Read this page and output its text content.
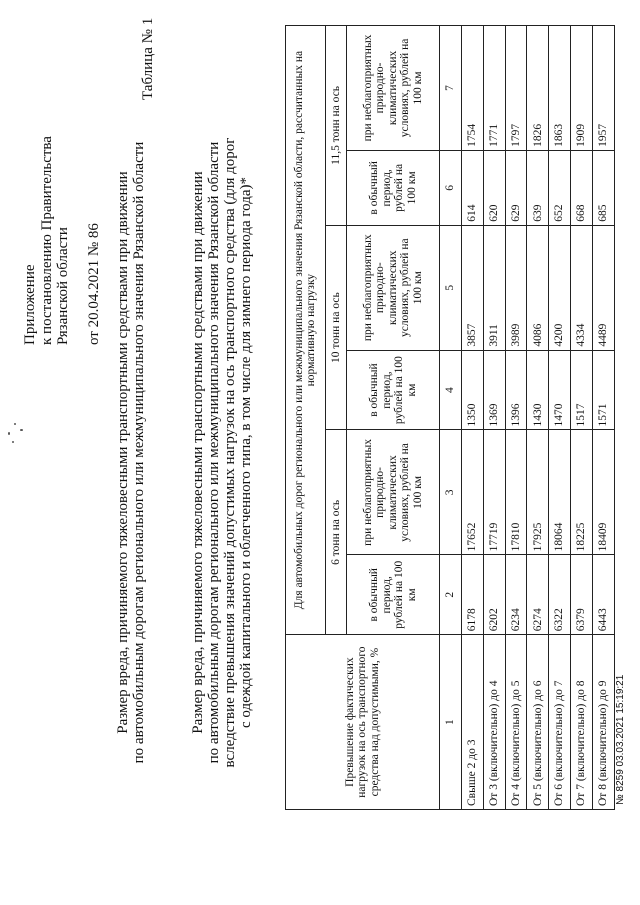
Приложение к постановлению Правительства Рязанской области от 20.04.2021 № 86
Таблица № 1
Размер вреда, причиняемого тяжеловесными транспортными средствами при движении по автомобильным дорогам регионального или межмуниципального значения Рязанской области	Размер вреда, причиняемого тяжеловесными транспортными средствами при движении по автомобильным дорогам регионального или межмуниципального значения Рязанской области вследствие превышения значений допустимых нагрузок на ось транспортного средства (для дорог с одеждой капитального и облегченного типа, в том числе для зимнего периода года)*	Превышение фактических нагрузок на ось транспортного средства над допустимыми, %	Для автомобильных дорог регионального или межмуниципального значения Рязанской области, рассчитанных на нормативную нагрузку					
	6 тонн на ось		10 тонн на ось		11,5 тонн на ось	
	в обычный период, рублей на 100 км	при неблагоприятных природно-климатических условиях, рублей на 100 км	в обычный период, рублей на 100 км	при неблагоприятных природно-климатических условиях, рублей на 100 км	в обычный период, рублей на 100 км	при неблагоприятных природно-климатических условиях, рублей на 100 км
1	2	3	4	5	6	7
Свыше 2 до 3	6178	17652	1350	3857	614	1754
От 3 (включительно) до 4	6202	17719	1369	3911	620	1771
От 4 (включительно) до 5	6234	17810	1396	3989	629	1797
От 5 (включительно) до 6	6274	17925	1430	4086	639	1826
От 6 (включительно) до 7	6322	18064	1470	4200	652	1863
От 7 (включительно) до 8	6379	18225	1517	4334	668	1909
От 8 (включительно) до 9	6443	18409	1571	4489	685	1957
№ 8259 03.03.2021 15:19:21
